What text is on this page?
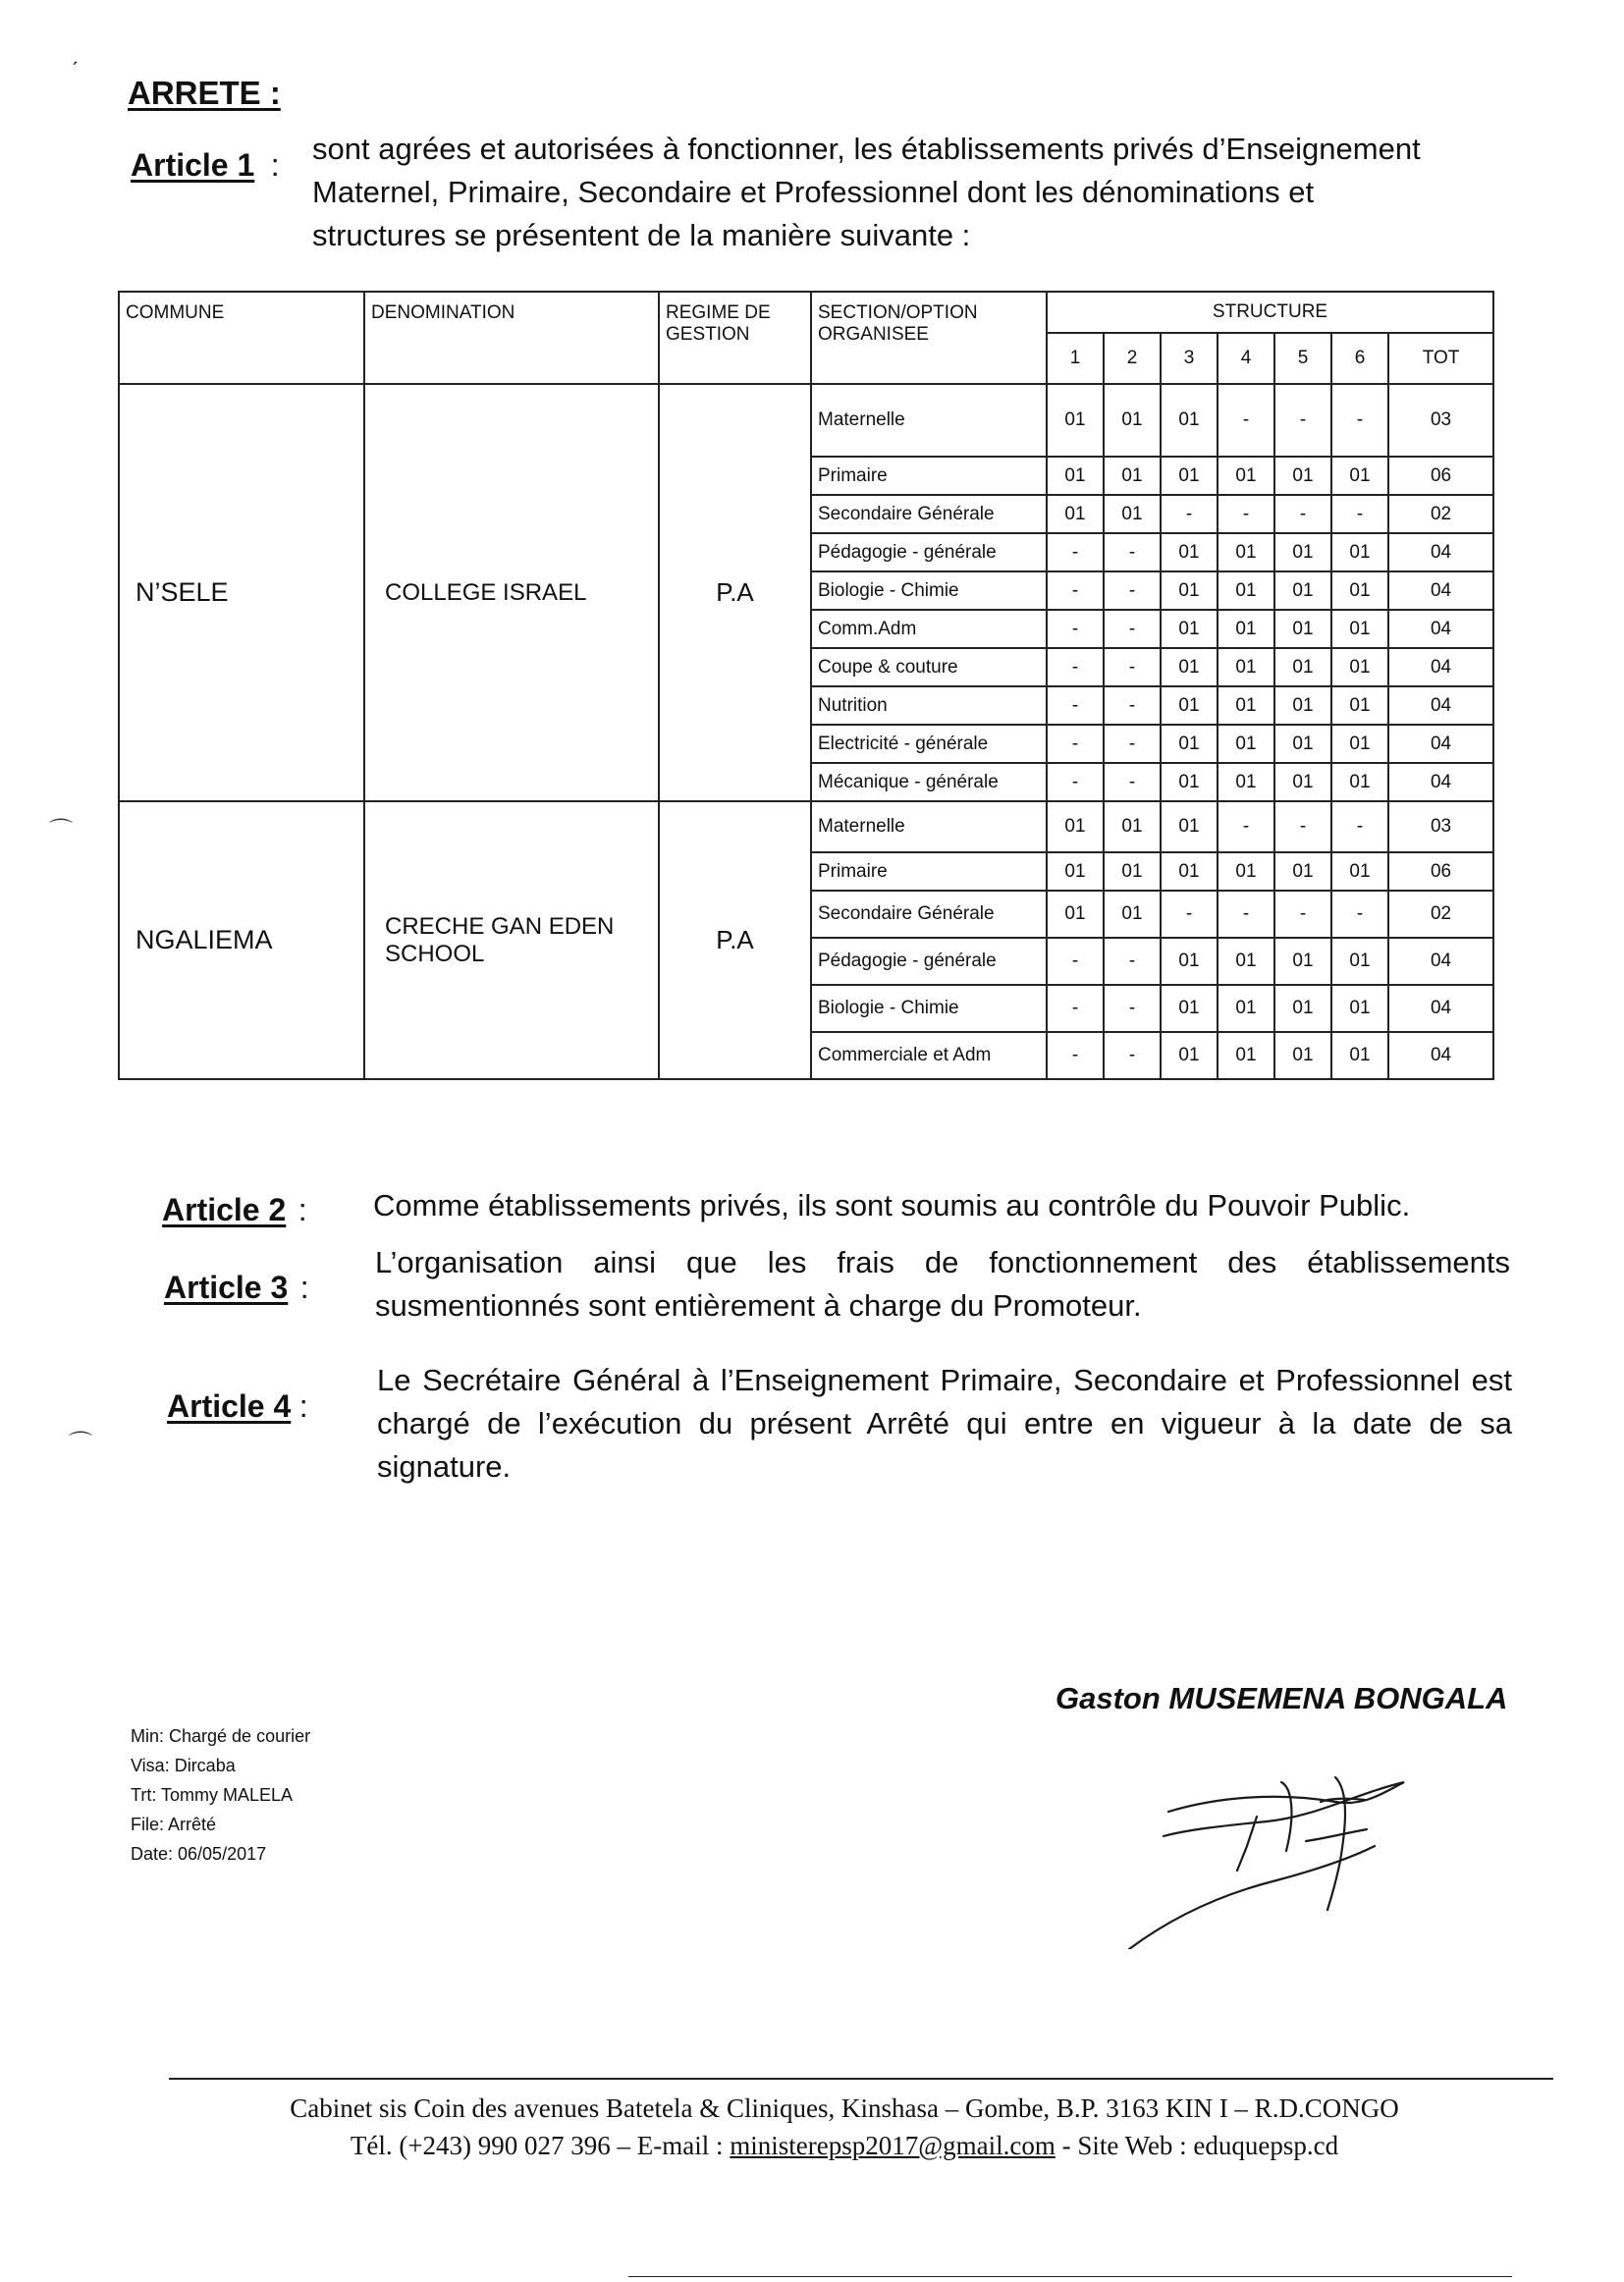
ˏ
ARRETE :
Article 1 : sont agrées et autorisées à fonctionner, les établissements privés d’Enseignement Maternel, Primaire, Secondaire et Professionnel dont les dénominations et structures se présentent de la manière suivante :
COMMUNE	DENOMINATION	REGIME DE GESTION	SECTION/OPTION ORGANISEE	STRUCTURE						
				1	2	3	4	5	6	TOT
N’SELE	COLLEGE ISRAEL	P.A	Maternelle	01	01	01	-	-	-	03
			Primaire	01	01	01	01	01	01	06
			Secondaire Générale	01	01	-	-	-	-	02
			Pédagogie - générale	-	-	01	01	01	01	04
			Biologie - Chimie	-	-	01	01	01	01	04
			Comm.Adm	-	-	01	01	01	01	04
			Coupe & couture	-	-	01	01	01	01	04
			Nutrition	-	-	01	01	01	01	04
			Electricité - générale	-	-	01	01	01	01	04
			Mécanique - générale	-	-	01	01	01	01	04
NGALIEMA	CRECHE GAN EDEN SCHOOL	P.A	Maternelle	01	01	01	-	-	-	03
			Primaire	01	01	01	01	01	01	06
			Secondaire Générale	01	01	-	-	-	-	02
			Pédagogie - générale	-	-	01	01	01	01	04
			Biologie - Chimie	-	-	01	01	01	01	04
			Commerciale et Adm	-	-	01	01	01	01	04
Article 2 : Comme établissements privés, ils sont soumis au contrôle du Pouvoir Public.
Article 3 :
L’organisation ainsi que les frais de fonctionnement des établissements susmentionnés sont entièrement à charge du Promoteur.
Article 4 :
Le Secrétaire Général à l’Enseignement Primaire, Secondaire et Professionnel est chargé de l’exécution du présent Arrêté qui entre en vigueur à la date de sa signature.
⌒
⌒
Gaston MUSEMENA BONGALA
Min: Chargé de courier
Visa: Dircaba
Trt: Tommy MALELA
File: Arrêté
Date: 06/05/2017
Cabinet sis Coin des avenues Batetela & Cliniques, Kinshasa – Gombe, B.P. 3163 KIN I – R.D.CONGO
Tél. (+243) 990 027 396 – E-mail : ministerepsp2017@gmail.com - Site Web : eduquepsp.cd
